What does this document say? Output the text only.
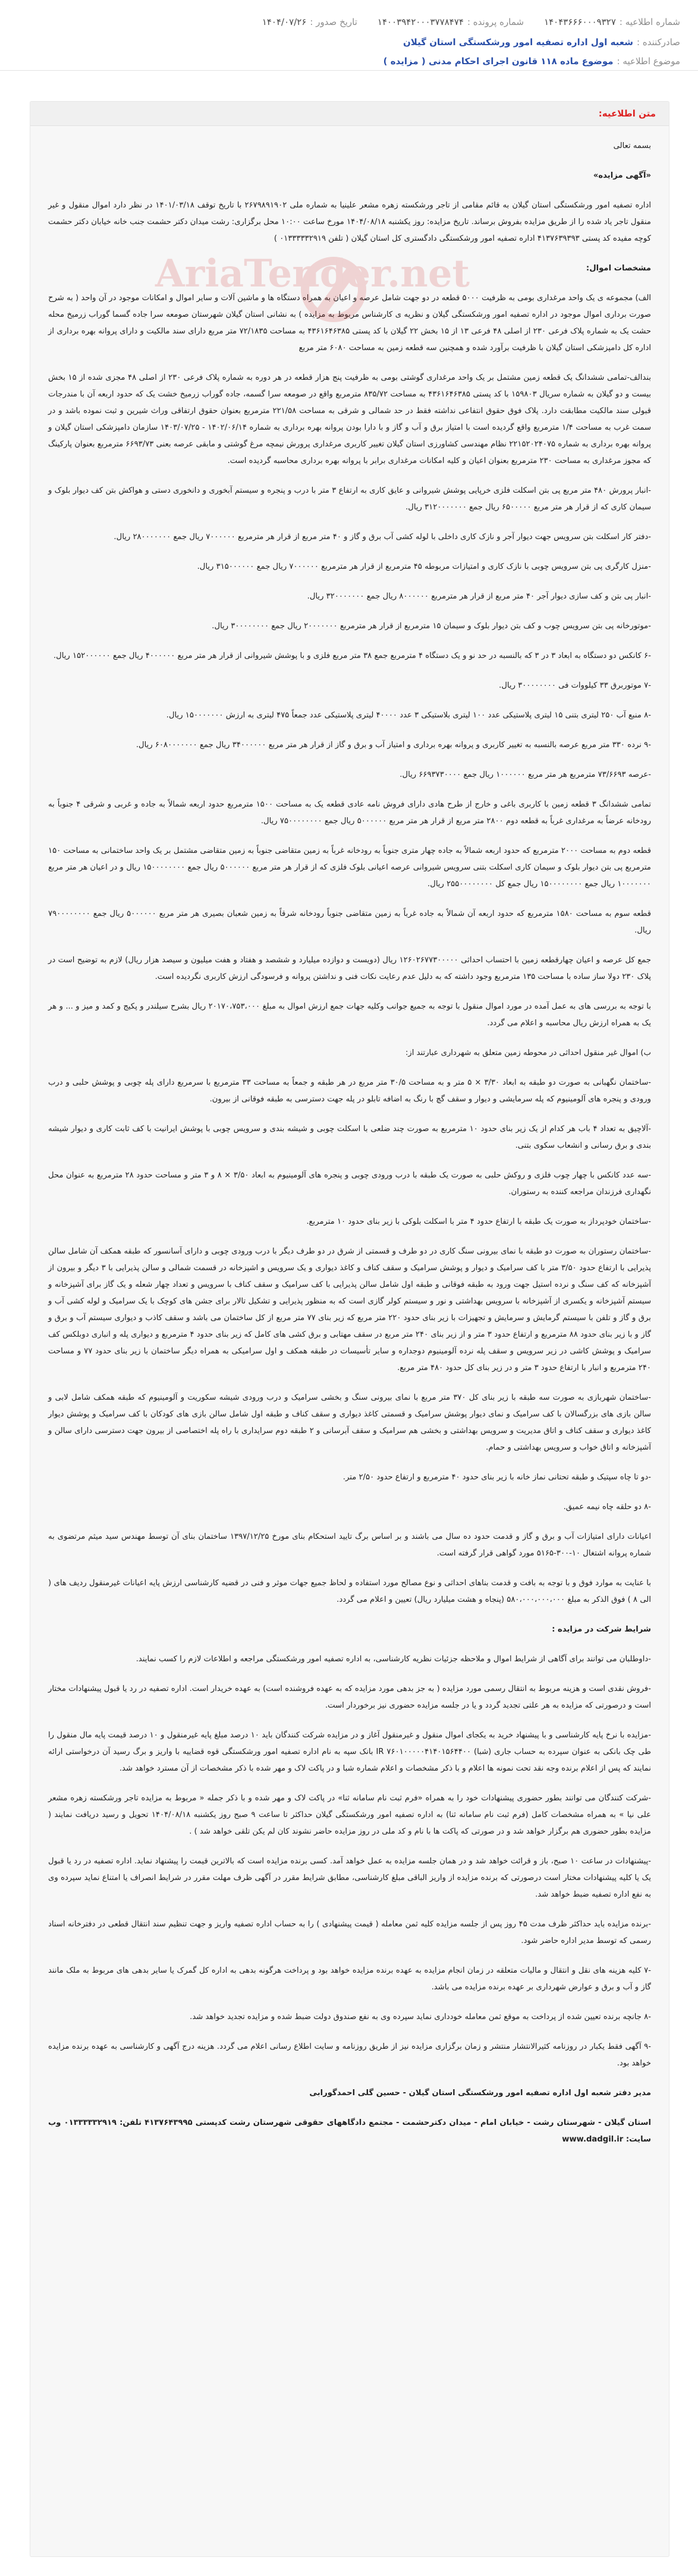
شماره اطلاعیه :
۱۴۰۴۳۶۶۶۰۰۰۹۳۲۷
شماره پرونده :
۱۴۰۰۳۹۴۲۰۰۰۳۷۷۸۴۷۴
تاریخ صدور :
۱۴۰۴/۰۷/۲۶
صادرکننده :
شعبه اول اداره تصفیه امور ورشکستگی استان گیلان
موضوع اطلاعیه :
موضوع ماده ۱۱۸ قانون اجرای احکام مدنی ( مزایده )
متن اطلاعیه:
AriaTender.net

بسمه تعالی

«آگهی مزایده»

اداره تصفیه امور ورشکستگی استان گیلان به قائم مقامی از تاجر ورشکسته زهره مشعر علینیا به شماره ملی ۲۶۷۹۸۹۱۹۰۲ با تاریخ توقف ۱۴۰۱/۰۳/۱۸ در نظر دارد اموال منقول و غیر منقول تاجر یاد شده را از طریق مزایده بفروش برساند. تاریخ مزایده: روز یکشنبه ۱۴۰۴/۰۸/۱۸ مورخ ساعت ۱۰:۰۰ محل برگزاری: رشت میدان دکتر حشمت جنب خانه خیابان دکتر حشمت کوچه مفیده کد پستی ۴۱۳۷۶۳۹۳۹۳ اداره تصفیه امور ورشکستگی دادگستری کل استان گیلان ( تلفن ۰۱۳۳۳۳۳۲۹۱۹ )

مشخصات اموال:

الف) مجموعه ی یک واحد مرغداری بومی به ظرفیت ۵۰۰۰ قطعه در دو جهت شامل عرصه و اعیان به همراه دستگاه ها و ماشین آلات و سایر اموال و امکانات موجود در آن واحد ( به شرح صورت برداری اموال موجود در اداره تصفیه امور ورشکستگی گیلان و نظریه ی کارشناس مربوط به مزایده ) به نشانی استان گیلان شهرستان صومعه سرا جاده گسما گوراب زرمیخ محله حشت یک به شماره پلاک فرعی ۲۳۰ از اصلی ۴۸ فرعی ۱۳ از ۱۵ بخش ۲۲ گیلان با کد پستی ۴۳۶۱۶۴۶۳۸۵ به مساحت ۷۲/۱۸۳۵ متر مربع دارای سند مالکیت و دارای پروانه بهره برداری از اداره کل دامپزشکی استان گیلان با ظرفیت برآورد شده و همچنین سه قطعه زمین به مساحت ۶۰۸۰ متر مربع

بندالف-تمامی ششدانگ یک قطعه زمین مشتمل بر یک واحد مرغداری گوشتی بومی به ظرفیت پنج هزار قطعه در هر دوره به شماره پلاک فرعی ۲۳۰ از اصلی ۴۸ مجزی شده از ۱۵ بخش بیست و دو گیلان به شماره سریال ۱۵۹۸۰۳ با کد پستی ۴۳۶۱۶۴۶۳۸۵ به مساحت ۸۳۵/۷۲ مترمربع واقع در صومعه سرا گسمه، جاده گوراب زرمیخ خشت یک که حدود اربعه آن با مندرجات قبولی سند مالکیت مطابقت دارد. پلاک فوق حقوق انتفاعی نداشته فقط در حد شمالی و شرقی به مساحت ۲۲۱/۵۸ مترمربع بعنوان حقوق ارتفاقی وراث شیرین و ثبت نموده باشد و در سمت غرب به مساحت ۱/۴ مترمربع واقع گردیده است با امتیاز برق و آب و گاز و با دارا بودن پروانه بهره برداری به شماره ۱۴۰۲/۰۶/۱۴ - ۱۴۰۳/۰۷/۲۵ سازمان دامپزشکی استان گیلان و پروانه بهره برداری به شماره ۲۲۱۵۲۰۲۴۰۷۵ نظام مهندسی کشاورزی استان گیلان تغییر کاربری مرغداری پرورش نیمچه مرغ گوشتی و مابقی عرصه بعنی ۶۶۹۳/۷۳ مترمربع بعنوان پارکینگ که مجوز مرغداری به مساحت ۲۳۰ مترمربع بعنوان اعیان و کلیه امکانات مرغداری برابر با پروانه بهره برداری محاسبه گردیده است.

-انبار پرورش ۴۸۰ متر مربع پی بتن اسکلت فلزی خرپایی پوشش شیروانی و عایق کاری به ارتفاع ۳ متر با درب و پنجره و سیستم آبخوری و دانخوری دستی و هواکش بتن کف دیوار بلوک و سیمان کاری که از قرار هر متر مربع ۶۵۰۰۰۰۰ ریال جمع ۳۱۲۰۰۰۰۰۰۰ ریال.

-دفتر کار اسکلت بتن سرویس جهت دیوار آجر و نازک کاری داخلی با لوله کشی آب برق و گاز و ۴۰ متر مربع از قرار هر مترمربع ۷۰۰۰۰۰۰ ریال جمع ۲۸۰۰۰۰۰۰۰ ریال.

-منزل کارگری پی بتن سرویس چوبی با نازک کاری و امتیازات مربوطه ۴۵ مترمربع از قرار هر مترمربع ۷۰۰۰۰۰۰ ریال جمع ۳۱۵۰۰۰۰۰۰ ریال.

-انبار پی بتن و کف سازی دیوار آجر ۴۰ متر مربع از قرار هر مترمربع ۸۰۰۰۰۰۰ ریال جمع ۳۲۰۰۰۰۰۰۰ ریال.

-موتورخانه پی بتن سرویس چوب و کف بتن دیوار بلوک و سیمان ۱۵ مترمربع از قرار هر مترمربع ۲۰۰۰۰۰۰۰ ریال جمع ۳۰۰۰۰۰۰۰۰ ریال.

-۶ کانکس دو دستگاه به ابعاد ۳ در ۳ که بالنسبه در حد نو و یک دستگاه ۴ مترمربع جمع ۳۸ متر مربع فلزی و با پوشش شیروانی از قرار هر متر مربع ۴۰۰۰۰۰۰ ریال جمع ۱۵۲۰۰۰۰۰۰ ریال.

-۷ موتوربرق ۳۳ کیلووات فی ۳۰۰۰۰۰۰۰۰ ریال.

-۸ منبع آب ۲۵۰ لیتری بتنی ۱۵ لیتری پلاستیکی عدد ۱۰۰ لیتری بلاستیکی ۳ عدد ۴۰۰۰۰ لیتری پلاستیکی عدد جمعاً ۴۷۵ لیتری به ارزش ۱۵۰۰۰۰۰۰۰ ریال.

-۹ نرده ۳۳۰ متر مربع عرصه بالنسبه به تغییر کاربری و پروانه بهره برداری و امتیاز آب و برق و گاز از قرار هر متر مربع ۳۴۰۰۰۰۰۰ ریال جمع ۶۰۸۰۰۰۰۰۰۰ ریال.

-عرصه ۷۳/۶۶۹۳ مترمربع هر متر مربع ۱۰۰۰۰۰۰ ریال جمع ۶۶۹۳۷۳۰۰۰۰ ریال.

تمامی ششدانگ ۳ قطعه زمین با کاربری باغی و خارج از طرح هادی دارای فروش نامه عادی قطعه یک به مساحت ۱۵۰۰ مترمربع حدود اربعه شمالاً به جاده و غربی و شرقی ۴ جنوباً به رودخانه عرضاً به مرغداری غرباً به قطعه دوم ۲۸۰۰ متر مربع از قرار هر متر مربع ۵۰۰۰۰۰۰ ریال جمع ۷۵۰۰۰۰۰۰۰۰ ریال.

قطعه دوم به مساحت ۲۰۰۰ مترمربع که حدود اربعه شمالاً به جاده چهار متری جنوباً به رودخانه غرباً به زمین متقاضی جنوباً به زمین متقاضی مشتمل بر یک واحد ساختمانی به مساحت ۱۵۰ مترمربع پی بتن دیوار بلوک و سیمان کاری اسکلت بتنی سرویس شیروانی عرصه اعیانی بلوک فلزی که از قرار هر متر مربع ۵۰۰۰۰۰۰ ریال جمع ۱۵۰۰۰۰۰۰۰۰ ریال و در اعیان هر متر مربع ۱۰۰۰۰۰۰۰ ریال جمع ۱۵۰۰۰۰۰۰۰۰ ریال جمع کل ۲۵۵۰۰۰۰۰۰۰۰ ریال.

قطعه سوم به مساحت ۱۵۸۰ مترمربع که حدود اربعه آن شمالاً به جاده غرباً به زمین متقاضی جنوباً رودخانه شرقاً به زمین شعبان بصیری هر متر مربع ۵۰۰۰۰۰۰ ریال جمع ۷۹۰۰۰۰۰۰۰۰ ریال.

جمع کل عرصه و اعیان چهارقطعه زمین با احتساب احداثی ۱۲۶۰۲۶۷۷۳۰۰۰۰۰ ریال (دویست و دوازده میلیارد و ششصد و هفتاد و هفت میلیون و سیصد هزار ریال) لازم به توضیح است در پلاک ۲۳۰ دولا ساز ساده با مساحت ۱۳۵ مترمربع وجود داشته که به دلیل عدم رعایت نکات فنی و نداشتن پروانه و فرسودگی ارزش کاربری نگردیده است.

با توجه به بررسی های به عمل آمده در مورد اموال منقول با توجه به جمیع جوانب وکلیه جهات جمع ارزش اموال به مبلغ ۲۰۱۷۰،۷۵۳،۰۰۰ ریال بشرح سیلندر و پکیج و کمد و میز و ... و هر یک به همراه ارزش ریال محاسبه و اعلام می گردد.

ب) اموال غیر منقول احداثی در محوطه زمین متعلق به شهرداری عبارتند از:

-ساختمان نگهبانی به صورت دو طبقه به ابعاد ۳/۳۰ × ۵ متر و به مساحت ۳۰/۵ متر مربع در هر طبقه و جمعاً به مساحت ۳۳ مترمربع با سرمربع دارای پله چوبی و پوشش حلبی و درب ورودی و پنجره های آلومینیوم که پله سرمایشی و دیوار و سقف گچ با رنگ به اضافه تابلو در پله جهت دسترسی به طبقه فوقانی از بیرون.

-آلاچیق به تعداد ۴ باب هر کدام از یک زیر بنای حدود ۱۰ مترمربع به صورت چند ضلعی با اسکلت چوبی و شیشه بندی و سرویس چوبی با پوشش ایرانیت با کف ثابت کاری و دیوار شیشه بندی و برق رسانی و انشعاب سکوی بتنی.

-سه عدد کانکس با چهار چوب فلزی و روکش حلبی به صورت یک طبقه با درب ورودی چوبی و پنجره های آلومینیوم به ابعاد ۳/۵۰ × ۸ و ۳ متر و مساحت حدود ۲۸ مترمربع به عنوان محل نگهداری فرزندان مراجعه کننده به رستوران.

-ساختمان خودپرداز به صورت یک طبقه با ارتفاع حدود ۴ متر با اسکلت بلوکی با زیر بنای حدود ۱۰ مترمربع.

-ساختمان رستوران به صورت دو طبقه با نمای بیرونی سنگ کاری در دو طرف و قسمتی از شرق در دو طرف دیگر با درب ورودی چوبی و دارای آسانسور که طبقه همکف آن شامل سالن پذیرایی با ارتفاع حدود ۳/۵۰ متر با کف سرامیک و دیوار و پوشش سرامیک و سقف کناف و کاغذ دیواری و یک سرویس و اشپزخانه در قسمت شمالی و سالن پذیرایی با ۳ دیگر و بیرون از آشپزخانه که کف سنگ و نرده استیل جهت ورود به طبقه فوقانی و طبقه اول شامل سالن پذیرایی با کف سرامیک و سقف کناف با سرویس و تعداد چهار شعله و یک گاز برای آشپزخانه و سیستم آشپزخانه و یکسری از آشپزخانه با سرویس بهداشتی و نور و سیستم کولر گازی است که به منظور پذیرایی و تشکیل تالار برای جشن های کوچک با یک سرامیک و لوله کشی آب و برق و گاز و تلفن با سیستم گرمایش و سرمایش و تجهیزات با زیر بنای حدود ۲۲۰ متر مربع که زیر بنای ۷۷ متر مربع از کل ساختمان می باشد و سقف کاذب و دیواری سیستم آب و برق و گاز و با زیر بنای حدود ۸۸ مترمربع و ارتفاع حدود ۳ متر و از زیر بنای ۲۴۰ متر مربع در سقف مهتابی و برق کشی های کامل که زیر بنای حدود ۴ مترمربع و دیواری پله و انباری دوبلکس کف سرامیک و پوشش کاشی در زیر سرویس و سقف پله نرده آلومینیوم دوجداره و سایر تأسیسات در طبقه همکف و اول سرامیکی به همراه دیگر ساختمان با زیر بنای حدود ۷۷ و مساحت ۲۴۰ مترمربع و انبار با ارتفاع حدود ۳ متر و در زیر بنای کل حدود ۴۸۰ متر مربع.

-ساختمان شهربازی به صورت سه طبقه با زیر بنای کل ۳۷۰ متر مربع با نمای بیرونی سنگ و بخشی سرامیک و درب ورودی شیشه سکوریت و آلومینیوم که طبقه همکف شامل لابی و سالن بازی های بزرگسالان با کف سرامیک و نمای دیوار پوشش سرامیک و قسمتی کاغذ دیواری و سقف کناف و طبقه اول شامل سالن بازی های کودکان با کف سرامیک و پوشش دیوار کاغذ دیواری و سقف کناف و اتاق مدیریت و سرویس بهداشتی و بخشی هم سرامیک و سقف آبرسانی و ۲ طبقه دوم سرایداری با راه پله اختصاصی از بیرون جهت دسترسی دارای سالن و آشپزخانه و اتاق خواب و سرویس بهداشتی و حمام.

-دو تا چاه سپتیک و طبقه تحتانی نماز خانه با زیر بنای حدود ۴۰ مترمربع و ارتفاع حدود ۲/۵۰ متر.

-۸ دو حلقه چاه نیمه عمیق.

اعیانات دارای امتیازات آب و برق و گاز و قدمت حدود ده سال می باشند و بر اساس برگ تایید استحکام بنای مورخ ۱۳۹۷/۱۲/۲۵ ساختمان بنای آن توسط مهندس سید میثم مرتضوی به شماره پروانه اشتغال ۱۰-۳۰۰-۵۱۶۵ مورد گواهی قرار گرفته است.

با عنایت به موارد فوق و با توجه به بافت و قدمت بناهای احداثی و نوع مصالح مورد استفاده و لحاظ جمیع جهات موثر و فنی در قضیه کارشناسی ارزش پایه اعیانات غیرمنقول ردیف های ( الی ۸ ) فوق الذکر به مبلغ ۵۸۰،۰۰۰،۰۰۰،۰۰۰ (پنجاه و هشت میلیارد ریال) تعیین و اعلام می گردد.

شرایط شرکت در مزایده :

-داوطلبان می توانند برای آگاهی از شرایط اموال و ملاحظه جزئیات نظریه کارشناسی، به اداره تصفیه امور ورشکستگی مراجعه و اطلاعات لازم را کسب نمایند.

-فروش نقدی است و هزینه مربوط به انتقال رسمی مورد مزایده ( به جز بدهی مورد مزایده که به عهده فروشنده است) به عهده خریدار است. اداره تصفیه در رد یا قبول پیشنهادات مختار است و درصورتی که مزایده به هر علتی تجدید گردد و یا در جلسه مزایده حضوری نیز برخوردار است.

-مزایده با نرخ پایه کارشناسی و با پیشنهاد خرید به یکجای اموال منقول و غیرمنقول آغاز و در مزایده شرکت کنندگان باید ۱۰ درصد مبلغ پایه غیرمنقول و ۱۰ درصد قیمت پایه مال منقول را طی چک بانکی به عنوان سپرده به حساب جاری (شبا) ۷۶۰۱۰۰۰۰۰۴۱۴۰۱۵۶۴۴۰۰ IR بانک سپه به نام اداره تصفیه امور ورشکستگی قوه قضاییه با واریز و برگ رسید آن درخواستی ارائه نمایند که پس از اعلام برنده وجه نقد تحت نمونه ها اعلام و با ذکر مشخصات و اعلام شماره شبا و در پاکت لاک و مهر شده با ذکر مشخصات از آن مسترد خواهد شد.

-شرکت کنندگان می توانند بطور حضوری پیشنهادات خود را به همراه «فرم ثبت نام سامانه ثنا» در پاکت لاک و مهر شده و با ذکر جمله « مربوط به مزایده تاجر ورشکسته زهره مشعر علی نیا » به همراه مشخصات کامل (فرم ثبت نام سامانه ثنا) به اداره تصفیه امور ورشکستگی گیلان حداکثر تا ساعت ۹ صبح روز یکشنبه ۱۴۰۴/۰۸/۱۸ تحویل و رسید دریافت نمایند ( مزایده بطور حضوری هم برگزار خواهد شد و در صورتی که پاکت ها با نام و کد ملی در روز مزایده حاضر نشوند کان لم یکن تلقی خواهد شد ) .

-پیشنهادات در ساعت ۱۰ صبح، باز و قرائت خواهد شد و در همان جلسه مزایده به عمل خواهد آمد. کسی برنده مزایده است که بالاترین قیمت را پیشنهاد نماید. اداره تصفیه در رد یا قبول یک یا کلیه پیشنهادات مختار است درصورتی که برنده مزایده از واریز الباقی مبلغ کارشناسی، مطابق شرایط مقرر در آگهی ظرف مهلت مقرر در شرایط انصراف یا امتناع نماید سپرده وی به نفع اداره تصفیه ضبط خواهد شد.

-برنده مزایده باید حداکثر ظرف مدت ۴۵ روز پس از جلسه مزایده کلیه ثمن معامله ( قیمت پیشنهادی ) را به حساب اداره تصفیه واریز و جهت تنظیم سند انتقال قطعی در دفترخانه اسناد رسمی که توسط مدیر اداره حاضر شود.

-۷ کلیه هزینه های نقل و انتقال و مالیات متعلقه در زمان انجام مزایده به عهده برنده مزایده خواهد بود و پرداخت هرگونه بدهی به اداره کل گمرک یا سایر بدهی های مربوط به ملک مانند گاز و آب و برق و عوارض شهرداری بر عهده برنده مزایده می باشد.

-۸ جانچه برنده تعیین شده از پرداخت به موقع ثمن معامله خودداری نماید سپرده وی به نفع صندوق دولت ضبط شده و مزایده تجدید خواهد شد.

-۹ آگهی فقط یکبار در روزنامه کثیرالانتشار منتشر و زمان برگزاری مزایده نیز از طریق روزنامه و سایت اطلاع رسانی اعلام می گردد. هزینه درج آگهی و کارشناسی به عهده برنده مزایده خواهد بود.

مدیر دفتر شعبه اول اداره تصفیه امور ورشکستگی استان گیلان - حسین گلی احمدگورابی

استان گیلان - شهرستان رشت - خیابان امام - میدان دکترحشمت - مجتمع دادگاههای حقوقی شهرستان رشت کدپستی ۴۱۳۷۶۴۳۹۹۵ تلفن: ۰۱۳۳۳۳۳۲۹۱۹ وب سایت: www.dadgil.ir
